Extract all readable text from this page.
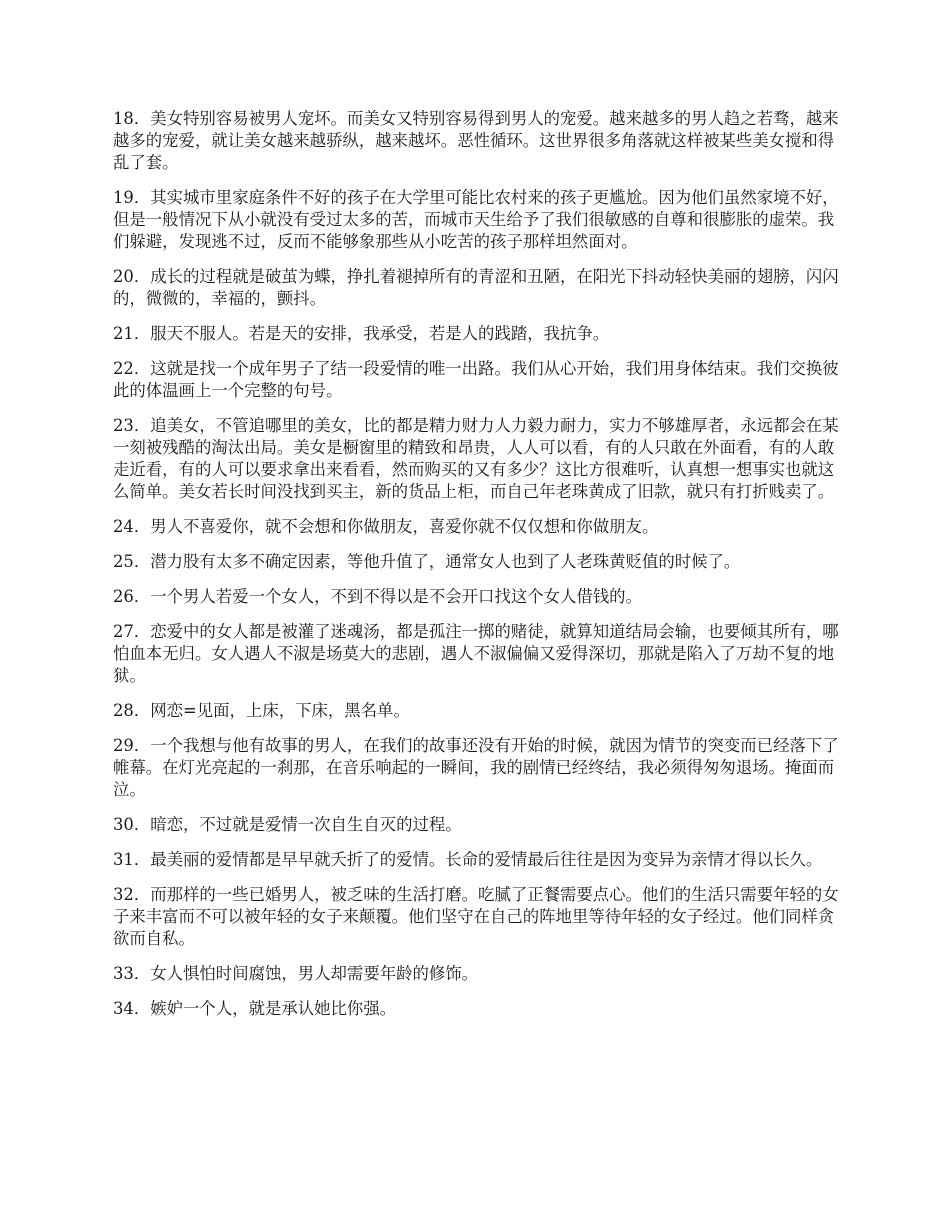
18．美女特别容易被男人宠坏。而美女又特别容易得到男人的宠爱。越来越多的男人趋之若骛，越来越多的宠爱，就让美女越来越骄纵，越来越坏。恶性循环。这世界很多角落就这样被某些美女搅和得乱了套。

19．其实城市里家庭条件不好的孩子在大学里可能比农村来的孩子更尴尬。因为他们虽然家境不好，但是一般情况下从小就没有受过太多的苦，而城市天生给予了我们很敏感的自尊和很膨胀的虚荣。我们躲避，发现逃不过，反而不能够象那些从小吃苦的孩子那样坦然面对。

20．成长的过程就是破茧为蝶，挣扎着褪掉所有的青涩和丑陋，在阳光下抖动轻快美丽的翅膀，闪闪的，微微的，幸福的，颤抖。

21．服天不服人。若是天的安排，我承受，若是人的践踏，我抗争。

22．这就是找一个成年男子了结一段爱情的唯一出路。我们从心开始，我们用身体结束。我们交换彼此的体温画上一个完整的句号。

23．追美女，不管追哪里的美女，比的都是精力财力人力毅力耐力，实力不够雄厚者，永远都会在某一刻被残酷的淘汰出局。美女是橱窗里的精致和昂贵，人人可以看，有的人只敢在外面看，有的人敢走近看，有的人可以要求拿出来看看，然而购买的又有多少？这比方很难听，认真想一想事实也就这么简单。美女若长时间没找到买主，新的货品上柜，而自己年老珠黄成了旧款，就只有打折贱卖了。

24．男人不喜爱你，就不会想和你做朋友，喜爱你就不仅仅想和你做朋友。

25．潜力股有太多不确定因素，等他升值了，通常女人也到了人老珠黄贬值的时候了。

26．一个男人若爱一个女人，不到不得以是不会开口找这个女人借钱的。

27．恋爱中的女人都是被灌了迷魂汤，都是孤注一掷的赌徒，就算知道结局会输，也要倾其所有，哪怕血本无归。女人遇人不淑是场莫大的悲剧，遇人不淑偏偏又爱得深切，那就是陷入了万劫不复的地狱。

28．网恋=见面，上床，下床，黑名单。

29．一个我想与他有故事的男人，在我们的故事还没有开始的时候，就因为情节的突变而已经落下了帷幕。在灯光亮起的一刹那，在音乐响起的一瞬间，我的剧情已经终结，我必须得匆匆退场。掩面而泣。

30．暗恋，不过就是爱情一次自生自灭的过程。

31．最美丽的爱情都是早早就夭折了的爱情。长命的爱情最后往往是因为变异为亲情才得以长久。

32．而那样的一些已婚男人，被乏味的生活打磨。吃腻了正餐需要点心。他们的生活只需要年轻的女子来丰富而不可以被年轻的女子来颠覆。他们坚守在自己的阵地里等待年轻的女子经过。他们同样贪欲而自私。

33．女人惧怕时间腐蚀，男人却需要年龄的修饰。

34．嫉妒一个人，就是承认她比你强。
